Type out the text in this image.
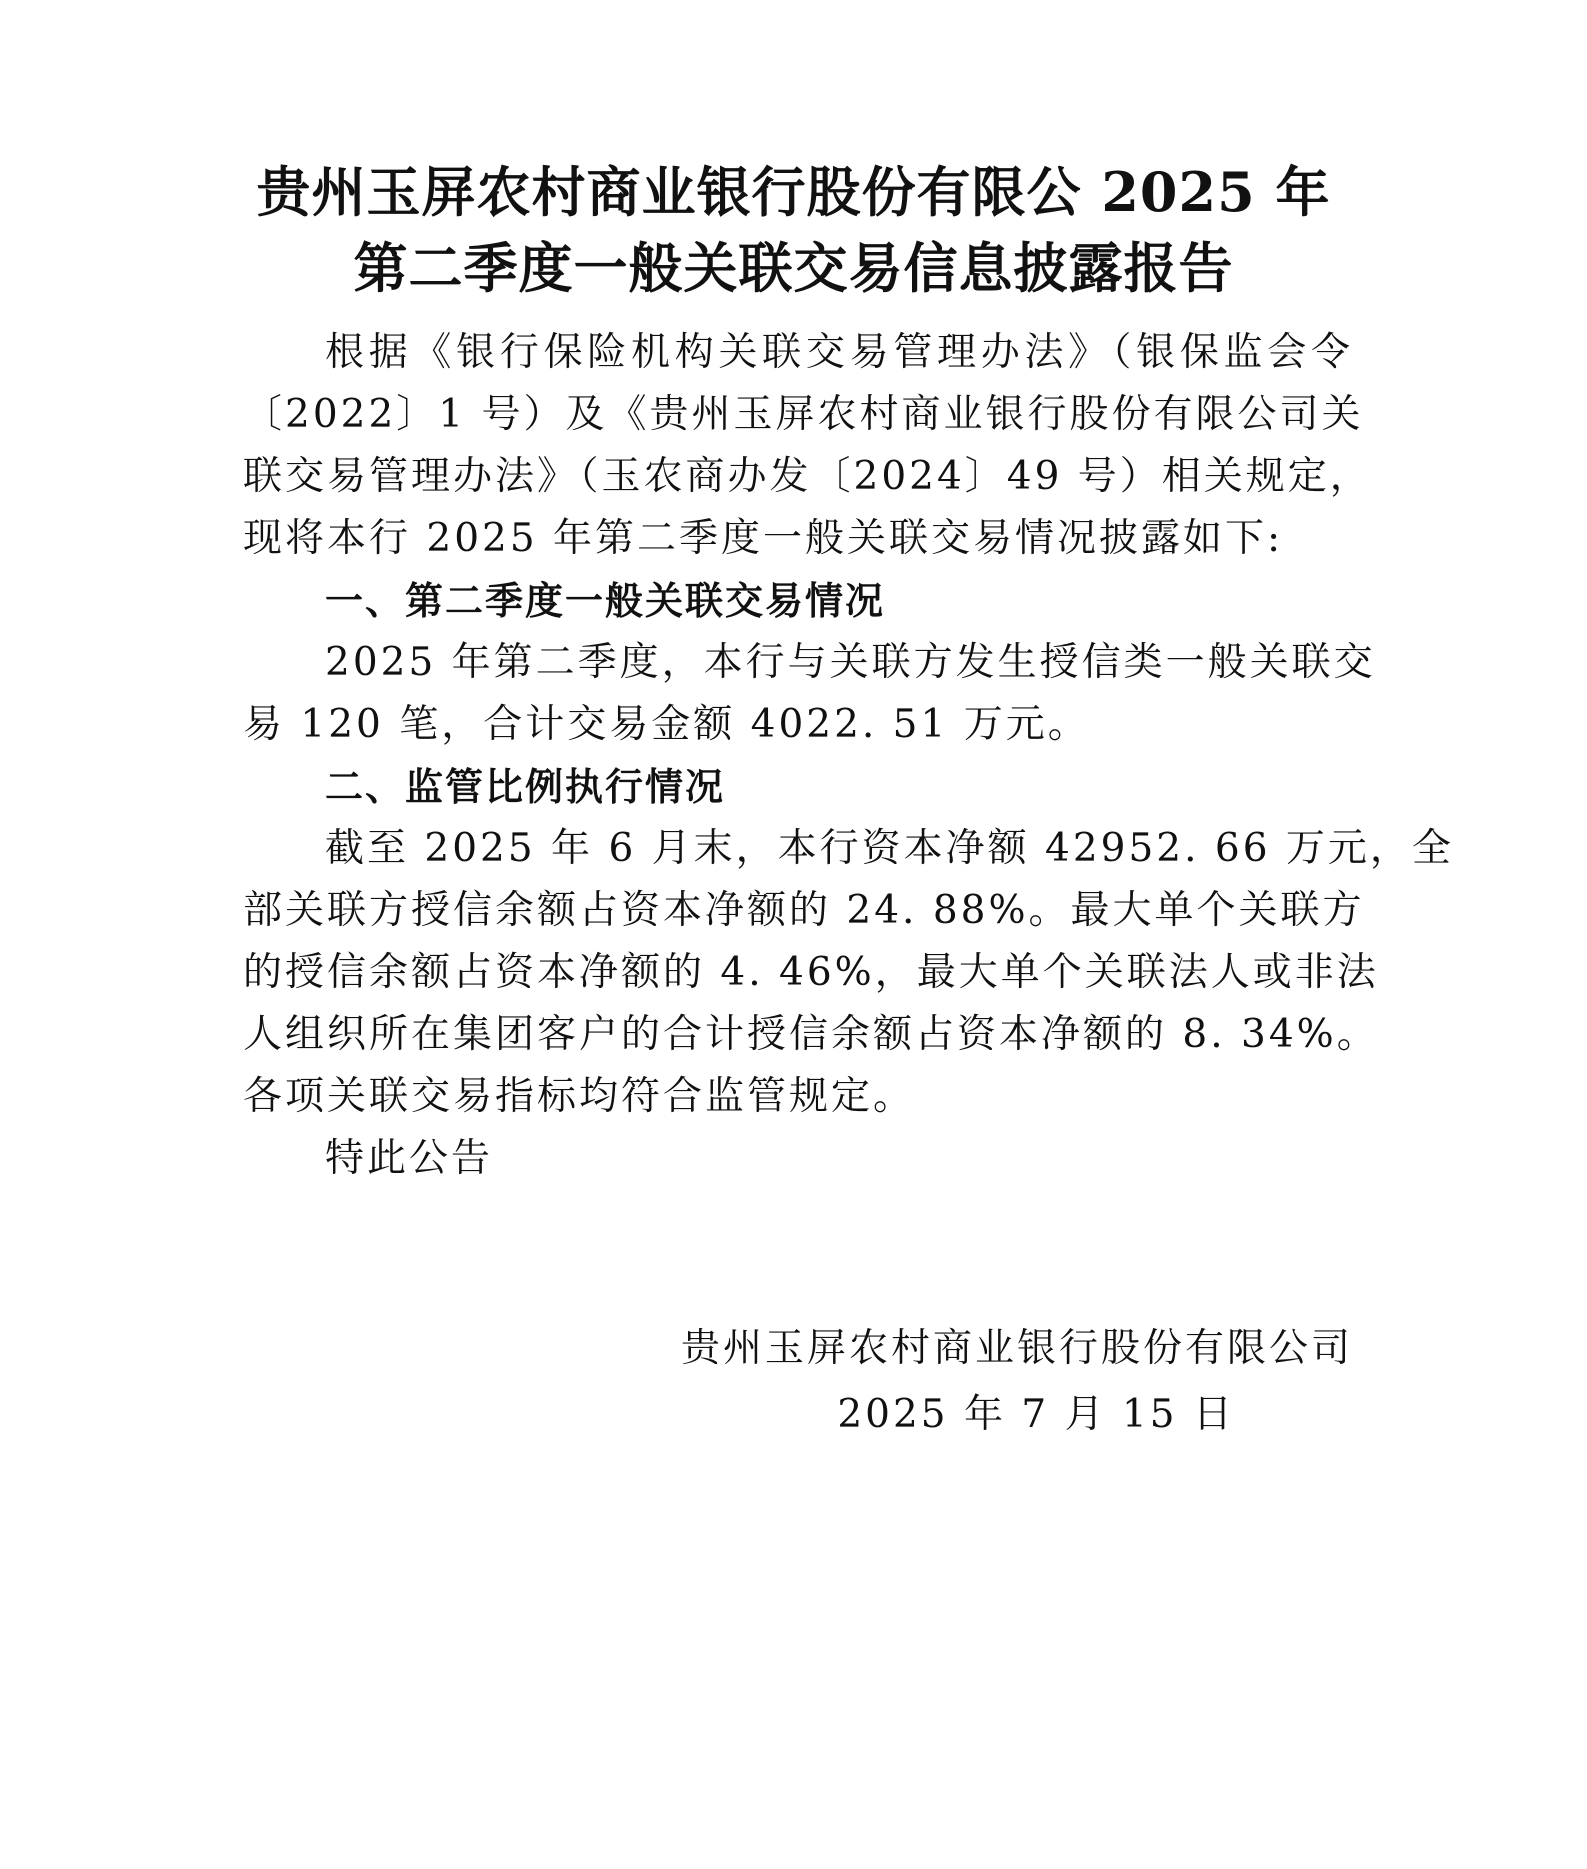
贵州玉屏农村商业银行股份有限公 2025 年
第二季度一般关联交易信息披露报告
根据《银行保险机构关联交易管理办法》（银保监会令
〔2022〕1 号）及《贵州玉屏农村商业银行股份有限公司关
联交易管理办法》（玉农商办发〔2024〕49 号）相关规定，
现将本行 2025 年第二季度一般关联交易情况披露如下:
一、第二季度一般关联交易情况
2025 年第二季度，本行与关联方发生授信类一般关联交
易 120 笔，合计交易金额 4022. 51 万元。
二、监管比例执行情况
截至 2025 年 6 月末，本行资本净额 42952. 66 万元，全
部关联方授信余额占资本净额的 24. 88%。最大单个关联方
的授信余额占资本净额的 4. 46%，最大单个关联法人或非法
人组织所在集团客户的合计授信余额占资本净额的 8. 34%。
各项关联交易指标均符合监管规定。
特此公告
贵州玉屏农村商业银行股份有限公司
2025 年 7 月 15 日
